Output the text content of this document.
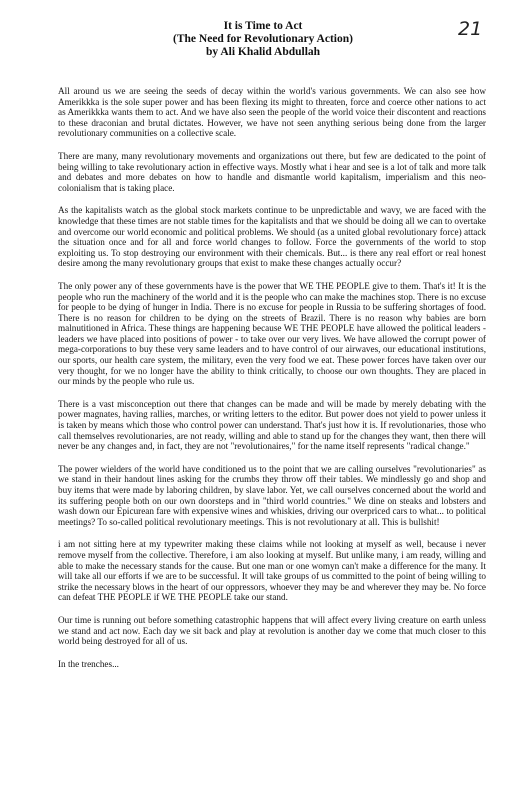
It is Time to Act
(The Need for Revolutionary Action)
by Ali Khalid Abdullah
21

All around us we are seeing the seeds of decay within the world's various governments. We can also see how Amerikkka is the sole super power and has been flexing its might to threaten, force and coerce other nations to act as Amerikkka wants them to act. And we have also seen the people of the world voice their discontent and reactions to these draconian and brutal dictates. However, we have not seen anything serious being done from the larger revolutionary communities on a collective scale.

There are many, many revolutionary movements and organizations out there, but few are dedicated to the point of being willing to take revolutionary action in effective ways. Mostly what i hear and see is a lot of talk and more talk and debates and more debates on how to handle and dismantle world kapitalism, imperialism and this neo-colonialism that is taking place.

As the kapitalists watch as the global stock markets continue to be unpredictable and wavy, we are faced with the knowledge that these times are not stable times for the kapitalists and that we should be doing all we can to overtake and overcome our world economic and political problems. We should (as a united global revolutionary force) attack the situation once and for all and force world changes to follow. Force the governments of the world to stop exploiting us. To stop destroying our environment with their chemicals. But... is there any real effort or real honest desire among the many revolutionary groups that exist to make these changes actually occur?

The only power any of these governments have is the power that WE THE PEOPLE give to them. That's it! It is the people who run the machinery of the world and it is the people who can make the machines stop. There is no excuse for people to be dying of hunger in India. There is no excuse for people in Russia to be suffering shortages of food. There is no reason for children to be dying on the streets of Brazil. There is no reason why babies are born malnutitioned in Africa. These things are happening because WE THE PEOPLE have allowed the political leaders - leaders we have placed into positions of power - to take over our very lives. We have allowed the corrupt power of mega-corporations to buy these very same leaders and to have control of our airwaves, our educational institutions, our sports, our health care system, the military, even the very food we eat. These power forces have taken over our very thought, for we no longer have the ability to think critically, to choose our own thoughts. They are placed in our minds by the people who rule us.

There is a vast misconception out there that changes can be made and will be made by merely debating with the power magnates, having rallies, marches, or writing letters to the editor. But power does not yield to power unless it is taken by means which those who control power can understand. That's just how it is. If revolutionaries, those who call themselves revolutionaries, are not ready, willing and able to stand up for the changes they want, then there will never be any changes and, in fact, they are not "revolutionaires," for the name itself represents "radical change."

The power wielders of the world have conditioned us to the point that we are calling ourselves "revolutionaries" as we stand in their handout lines asking for the crumbs they throw off their tables. We mindlessly go and shop and buy items that were made by laboring children, by slave labor. Yet, we call ourselves concerned about the world and its suffering people both on our own doorsteps and in "third world countries." We dine on steaks and lobsters and wash down our Epicurean fare with expensive wines and whiskies, driving our overpriced cars to what... to political meetings? To so-called political revolutionary meetings. This is not revolutionary at all. This is bullshit!

i am not sitting here at my typewriter making these claims while not looking at myself as well, because i never remove myself from the collective. Therefore, i am also looking at myself. But unlike many, i am ready, willing and able to make the necessary stands for the cause. But one man or one womyn can't make a difference for the many. It will take all our efforts if we are to be successful. It will take groups of us committed to the point of being willing to strike the necessary blows in the heart of our oppressors, whoever they may be and wherever they may be. No force can defeat THE PEOPLE if WE THE PEOPLE take our stand.

Our time is running out before something catastrophic happens that will affect every living creature on earth unless we stand and act now. Each day we sit back and play at revolution is another day we come that much closer to this world being destroyed for all of us.

In the trenches...
